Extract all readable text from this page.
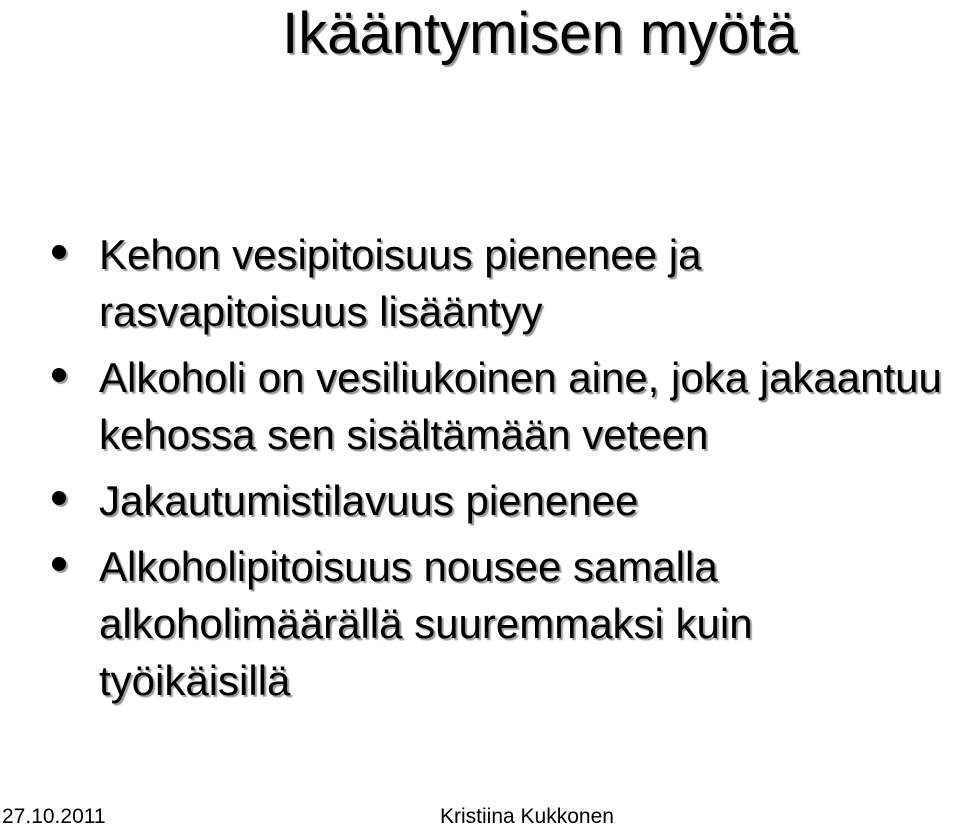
Ikääntymisen myötä
Kehon vesipitoisuus pienenee ja rasvapitoisuus lisääntyy
Alkoholi on vesiliukoinen aine, joka jakaantuu kehossa sen sisältämään veteen
Jakautumistilavuus pienenee
Alkoholipitoisuus nousee samalla alkoholimäärällä suuremmaksi kuin työikäisillä
27.10.2011	Kristiina Kukkonen
